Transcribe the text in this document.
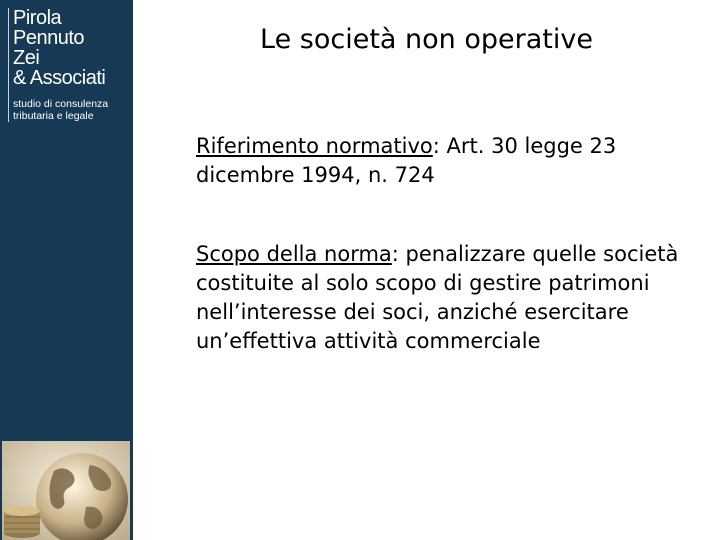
Pirola
Pennuto
Zei
& Associati
studio di consulenza
tributaria e legale
Le società non operative

Riferimento normativo: Art. 30 legge 23 dicembre 1994, n. 724

Scopo della norma: penalizzare quelle società costituite al solo scopo di gestire patrimoni nell’interesse dei soci, anziché esercitare un’effettiva attività commerciale
